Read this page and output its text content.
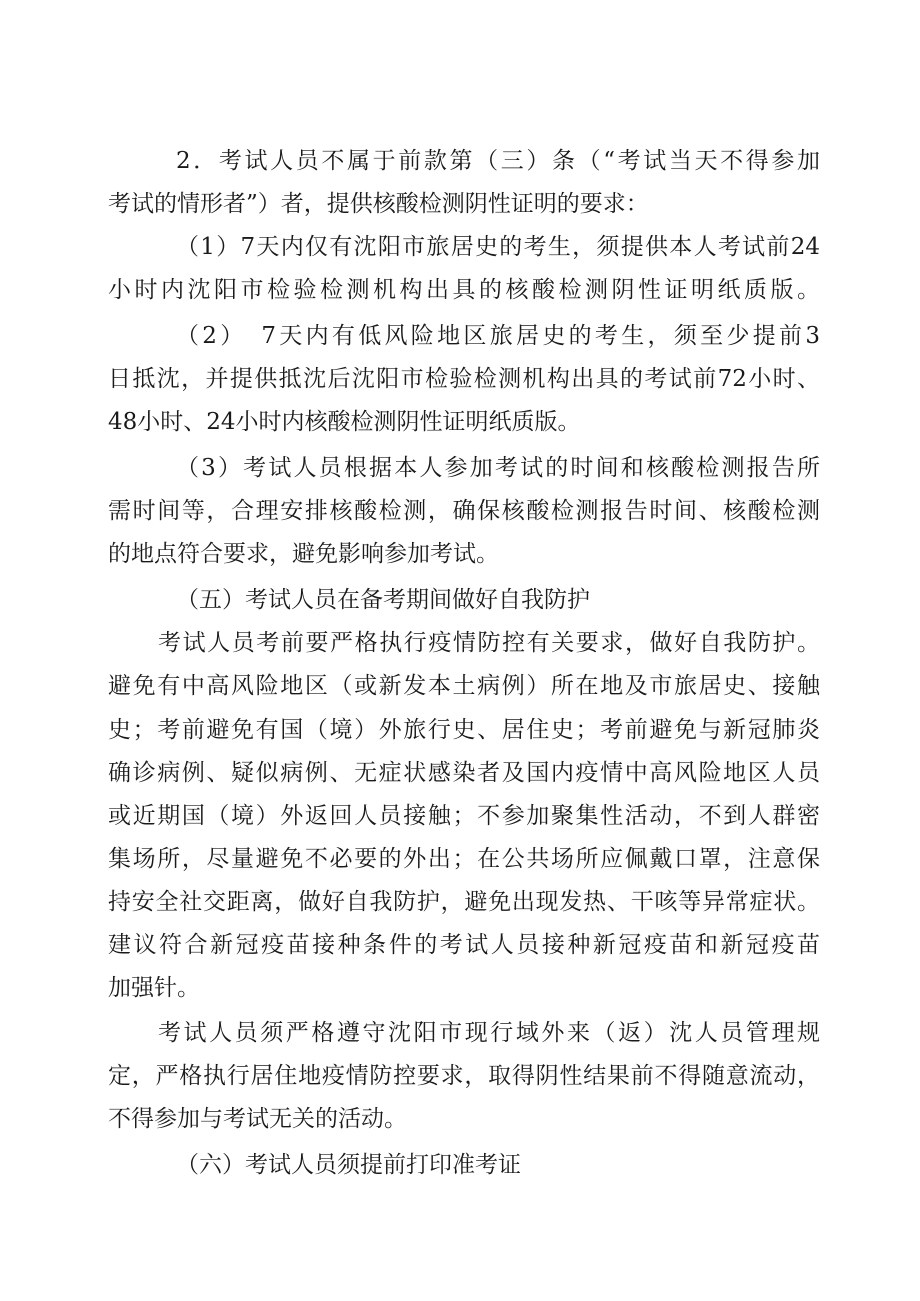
2．考试人员不属于前款第（三）条（“考试当天不得参加

考试的情形者”）者，提供核酸检测阴性证明的要求：

（1）7天内仅有沈阳市旅居史的考生，须提供本人考试前24

小时内沈阳市检验检测机构出具的核酸检测阴性证明纸质版。

（2）　7天内有低风险地区旅居史的考生，须至少提前3

日抵沈，并提供抵沈后沈阳市检验检测机构出具的考试前72小时、

48小时、24小时内核酸检测阴性证明纸质版。

（3）考试人员根据本人参加考试的时间和核酸检测报告所

需时间等，合理安排核酸检测，确保核酸检测报告时间、核酸检测

的地点符合要求，避免影响参加考试。

（五）考试人员在备考期间做好自我防护

考试人员考前要严格执行疫情防控有关要求，做好自我防护。

避免有中高风险地区（或新发本土病例）所在地及市旅居史、接触

史；考前避免有国（境）外旅行史、居住史；考前避免与新冠肺炎

确诊病例、疑似病例、无症状感染者及国内疫情中高风险地区人员

或近期国（境）外返回人员接触；不参加聚集性活动，不到人群密

集场所，尽量避免不必要的外出；在公共场所应佩戴口罩，注意保

持安全社交距离，做好自我防护，避免出现发热、干咳等异常症状。

建议符合新冠疫苗接种条件的考试人员接种新冠疫苗和新冠疫苗

加强针。

考试人员须严格遵守沈阳市现行域外来（返）沈人员管理规

定，严格执行居住地疫情防控要求，取得阴性结果前不得随意流动，

不得参加与考试无关的活动。

（六）考试人员须提前打印准考证
